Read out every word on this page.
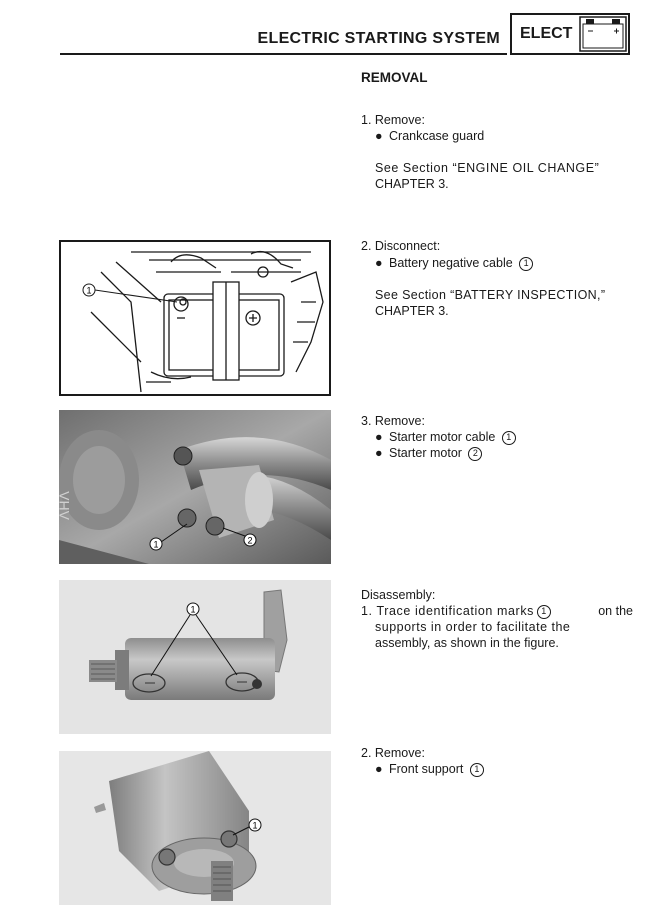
ELECTRIC STARTING SYSTEM ELECT
REMOVAL
1. Remove:
● Crankcase guard
See Section “ENGINE OIL CHANGE”
CHAPTER 3.
2. Disconnect:
● Battery negative cable 1
See Section “BATTERY INSPECTION,”
CHAPTER 3.
3. Remove:
● Starter motor cable 1
● Starter motor 2
Disassembly:
1. Trace identification marks 1	on the
supports in order to facilitate the
assembly, as shown in the figure.
2. Remove:
● Front support 1
1
ΛΗΛ
1	2
1
1
